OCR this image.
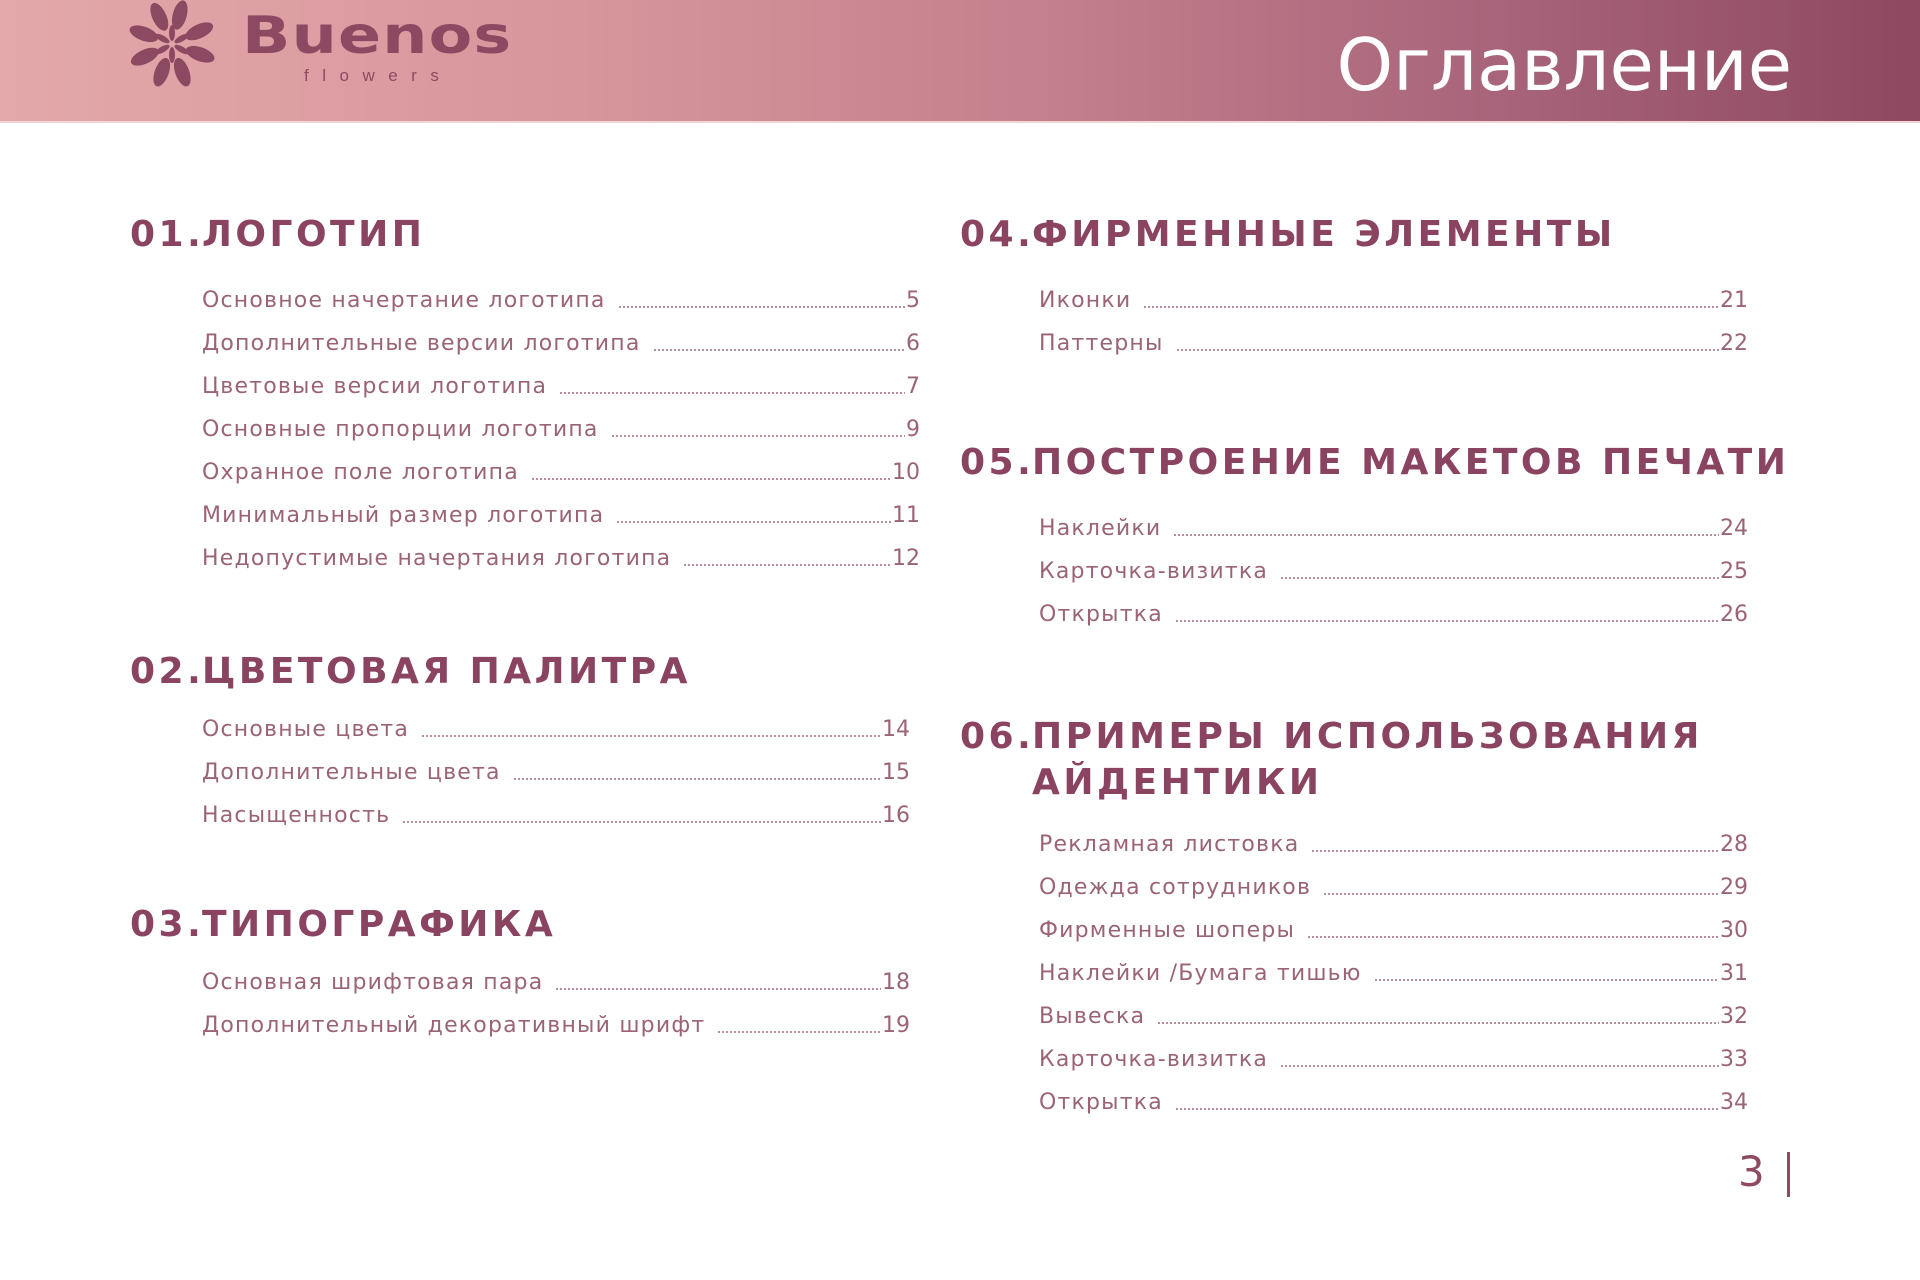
Buenos
flowers	Оглавление
01.
ЛОГОТИП
Основное начертание логотипа	5
Дополнительные версии логотипа	6
Цветовые версии логотипа	7
Основные пропорции логотипа	9
Охранное поле логотипа	10
Минимальный размер логотипа	11
Недопустимые начертания логотипа	12
02.
ЦВЕТОВАЯ ПАЛИТРА
Основные цвета	14
Дополнительные цвета	15
Насыщенность	16
03.
ТИПОГРАФИКА
Основная шрифтовая пара	18
Дополнительный декоративный шрифт	19
04.
ФИРМЕННЫЕ ЭЛЕМЕНТЫ
Иконки	21
Паттерны	22
05.
ПОСТРОЕНИЕ МАКЕТОВ ПЕЧАТИ
Наклейки	24
Карточка-визитка	25
Открытка	26
06.
ПРИМЕРЫ ИСПОЛЬЗОВАНИЯ АЙДЕНТИКИ
Рекламная листовка	28
Одежда сотрудников	29
Фирменные шоперы	30
Наклейки /Бумага тишью	31
Вывеска	32
Карточка-визитка	33
Открытка	34
3
